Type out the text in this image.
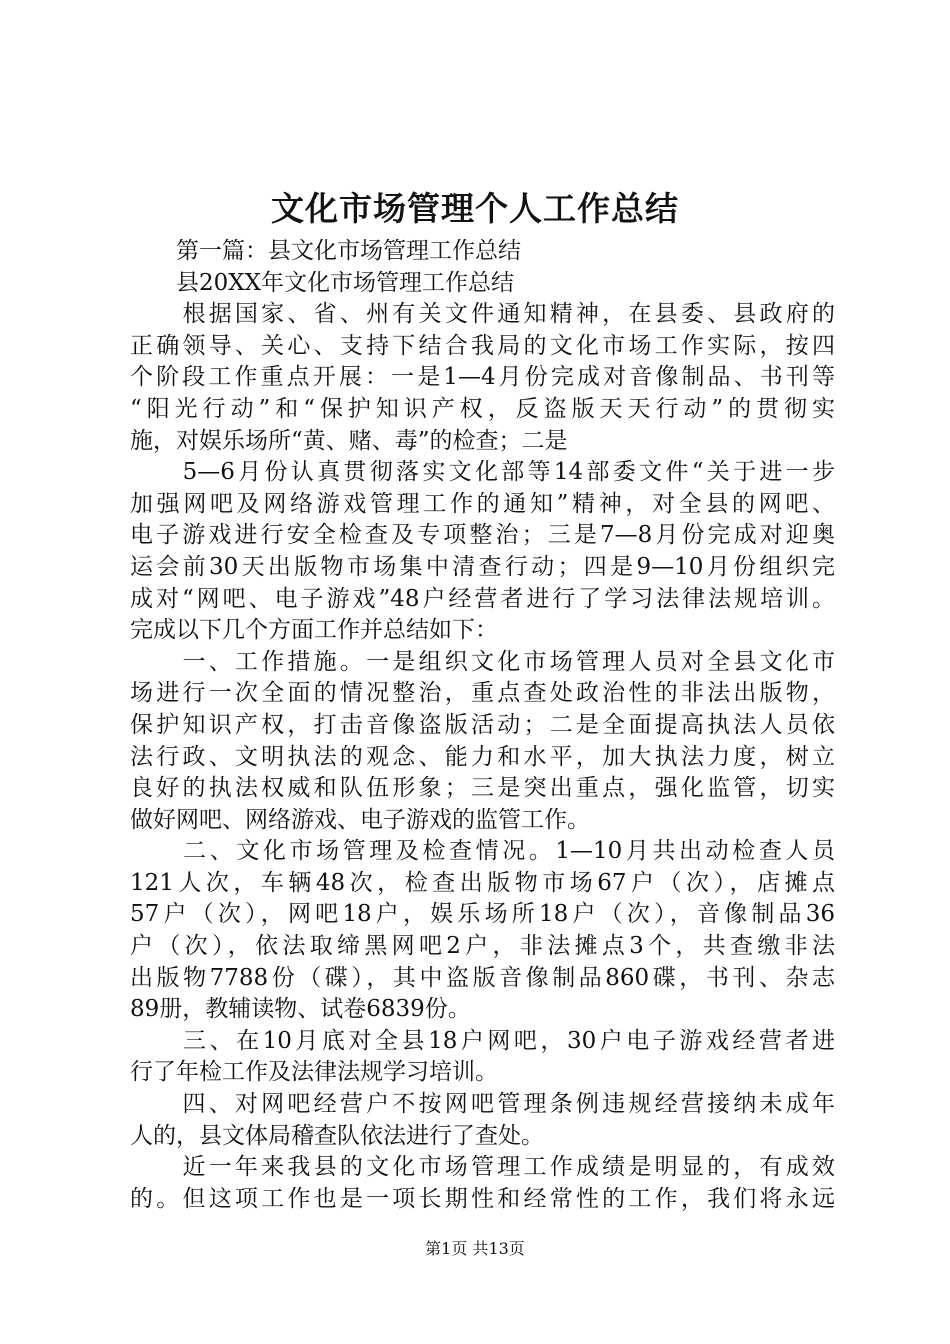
文化市场管理个人工作总结
　　第一篇：县文化市场管理工作总结
　　县20XX年文化市场管理工作总结
　　根据国家、省、州有关文件通知精神，在县委、县政府的
正确领导、关心、支持下结合我局的文化市场工作实际，按四
个阶段工作重点开展：一是1—4月份完成对音像制品、书刊等
“阳光行动”和“保护知识产权，反盗版天天行动”的贯彻实
施，对娱乐场所“黄、赌、毒”的检查；二是
　　5—6月份认真贯彻落实文化部等14部委文件“关于进一步
加强网吧及网络游戏管理工作的通知”精神，对全县的网吧、
电子游戏进行安全检查及专项整治；三是7—8月份完成对迎奥
运会前30天出版物市场集中清查行动；四是9—10月份组织完
成对“网吧、电子游戏”48户经营者进行了学习法律法规培训。
完成以下几个方面工作并总结如下：
　　一、工作措施。一是组织文化市场管理人员对全县文化市
场进行一次全面的情况整治，重点查处政治性的非法出版物，
保护知识产权，打击音像盗版活动；二是全面提高执法人员依
法行政、文明执法的观念、能力和水平，加大执法力度，树立
良好的执法权威和队伍形象；三是突出重点，强化监管，切实
做好网吧、网络游戏、电子游戏的监管工作。
　　二、文化市场管理及检查情况。1—10月共出动检查人员
121人次，车辆48次，检查出版物市场67户（次），店摊点
57户（次），网吧18户，娱乐场所18户（次），音像制品36
户（次），依法取缔黑网吧2户，非法摊点3个，共查缴非法
出版物7788份（碟），其中盗版音像制品860碟，书刊、杂志
89册，教辅读物、试卷6839份。
　　三、在10月底对全县18户网吧，30户电子游戏经营者进
行了年检工作及法律法规学习培训。
　　四、对网吧经营户不按网吧管理条例违规经营接纳未成年
人的，县文体局稽查队依法进行了查处。
　　近一年来我县的文化市场管理工作成绩是明显的，有成效
的。但这项工作也是一项长期性和经常性的工作，我们将永远
第1页 共13页
